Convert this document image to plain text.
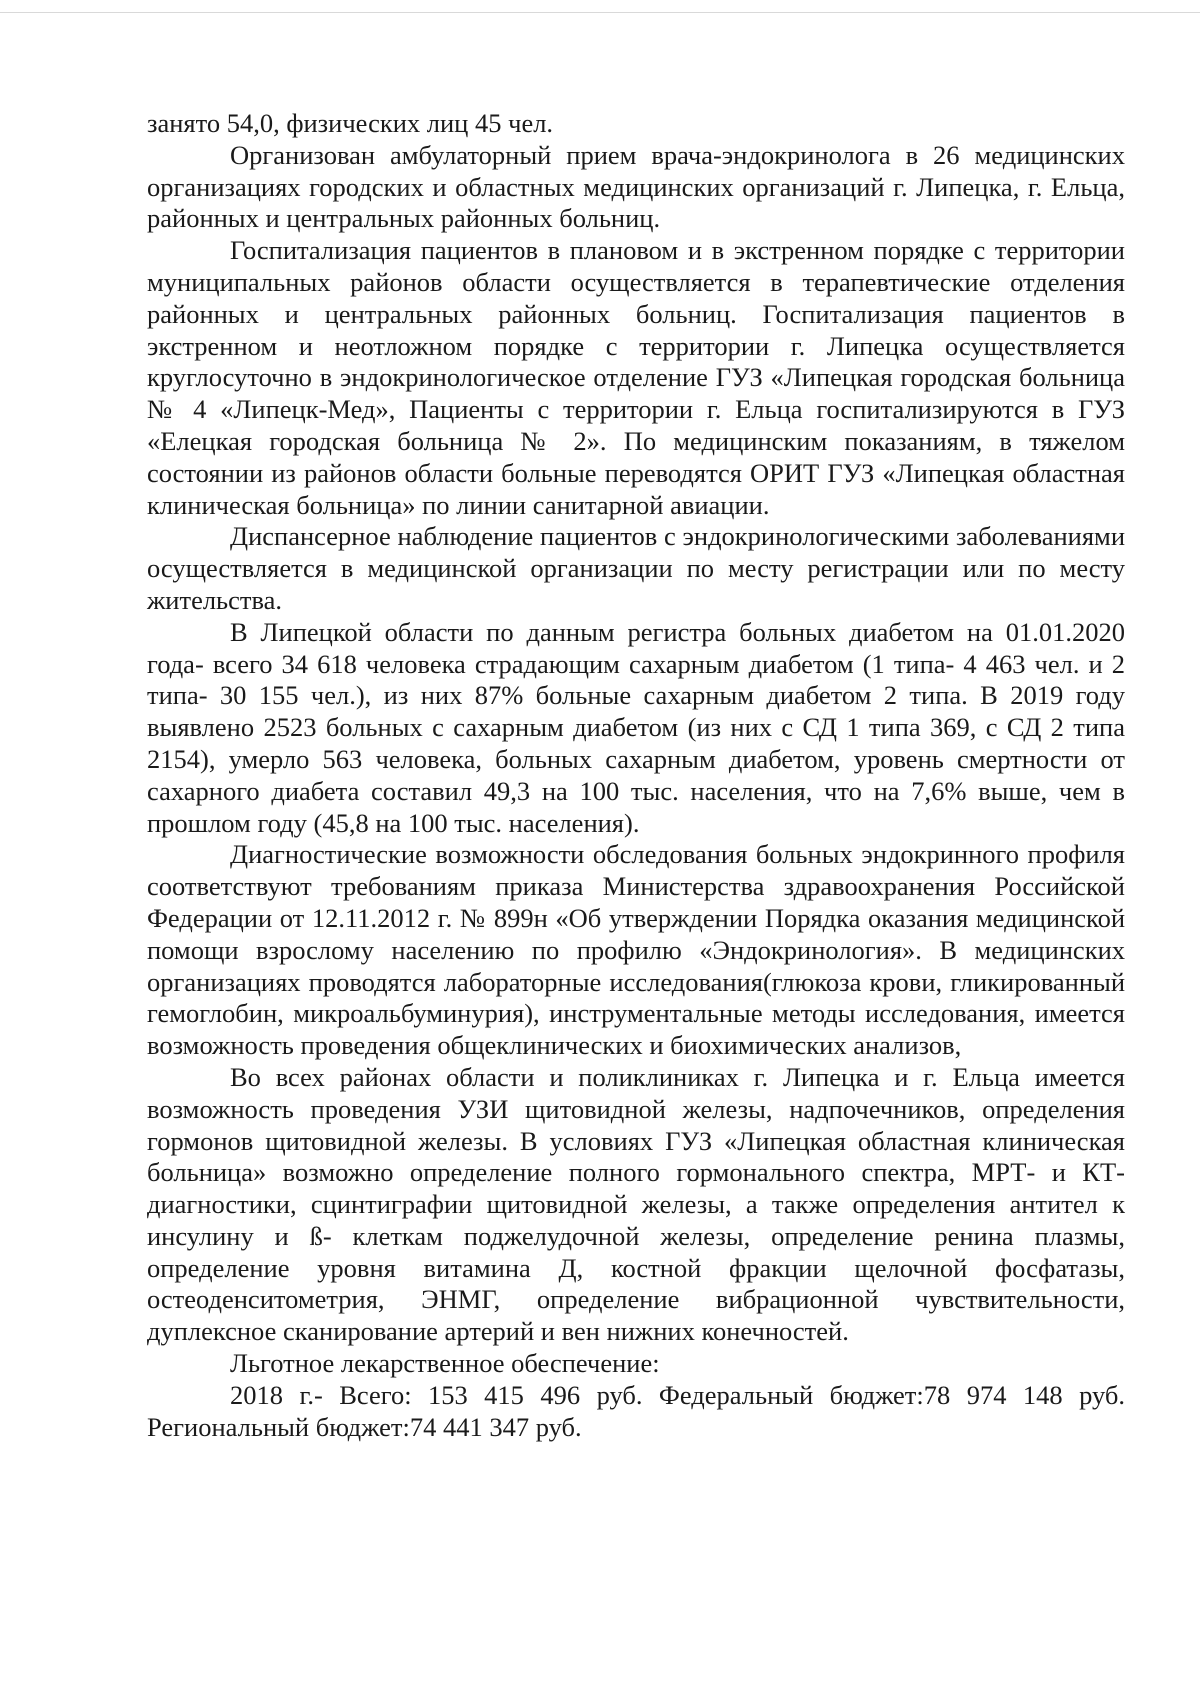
занято 54,0, физических лиц 45 чел.

Организован амбулаторный прием врача-эндокринолога в 26 медицинских организациях городских и областных медицинских организаций г. Липецка, г. Ельца, районных и центральных районных больниц.

Госпитализация пациентов в плановом и в экстренном порядке с территории муниципальных районов области осуществляется в терапевтические отделения районных и центральных районных больниц. Госпитализация пациентов в экстренном и неотложном порядке с территории г. Липецка осуществляется круглосуточно в эндокринологическое отделение ГУЗ «Липецкая городская больница № 4 «Липецк-Мед», Пациенты с территории г. Ельца госпитализируются в ГУЗ «Елецкая городская больница № 2». По медицинским показаниям, в тяжелом состоянии из районов области больные переводятся ОРИТ ГУЗ «Липецкая областная клиническая больница» по линии санитарной авиации.

Диспансерное наблюдение пациентов с эндокринологическими заболеваниями осуществляется в медицинской организации по месту регистрации или по месту жительства.

В Липецкой области по данным регистра больных диабетом на 01.01.2020 года- всего 34 618 человека страдающим сахарным диабетом (1 типа- 4 463 чел. и 2 типа- 30 155 чел.), из них 87% больные сахарным диабетом 2 типа. В 2019 году выявлено 2523 больных с сахарным диабетом (из них с СД 1 типа 369, с СД 2 типа 2154), умерло 563 человека, больных сахарным диабетом, уровень смертности от сахарного диабета составил 49,3 на 100 тыс. населения, что на 7,6% выше, чем в прошлом году (45,8 на 100 тыс. населения).

Диагностические возможности обследования больных эндокринного профиля соответствуют требованиям приказа Министерства здравоохранения Российской Федерации от 12.11.2012 г. № 899н «Об утверждении Порядка оказания медицинской помощи взрослому населению по профилю «Эндокринология». В медицинских организациях проводятся лабораторные исследования(глюкоза крови, гликированный гемоглобин, микроальбуминурия), инструментальные методы исследования, имеется возможность проведения общеклинических и биохимических анализов,

Во всех районах области и поликлиниках г. Липецка и г. Ельца имеется возможность проведения УЗИ щитовидной железы, надпочечников, определения гормонов щитовидной железы. В условиях ГУЗ «Липецкая областная клиническая больница» возможно определение полного гормонального спектра, МРТ- и КТ- диагностики, сцинтиграфии щитовидной железы, а также определения антител к инсулину и ß- клеткам поджелудочной железы, определение ренина плазмы, определение уровня витамина Д, костной фракции щелочной фосфатазы, остеоденситометрия, ЭНМГ, определение вибрационной чувствительности, дуплексное сканирование артерий и вен нижних конечностей.

Льготное лекарственное обеспечение:

2018 г.- Всего: 153 415 496 руб. Федеральный бюджет:78 974 148 руб. Региональный бюджет:74 441 347 руб.
